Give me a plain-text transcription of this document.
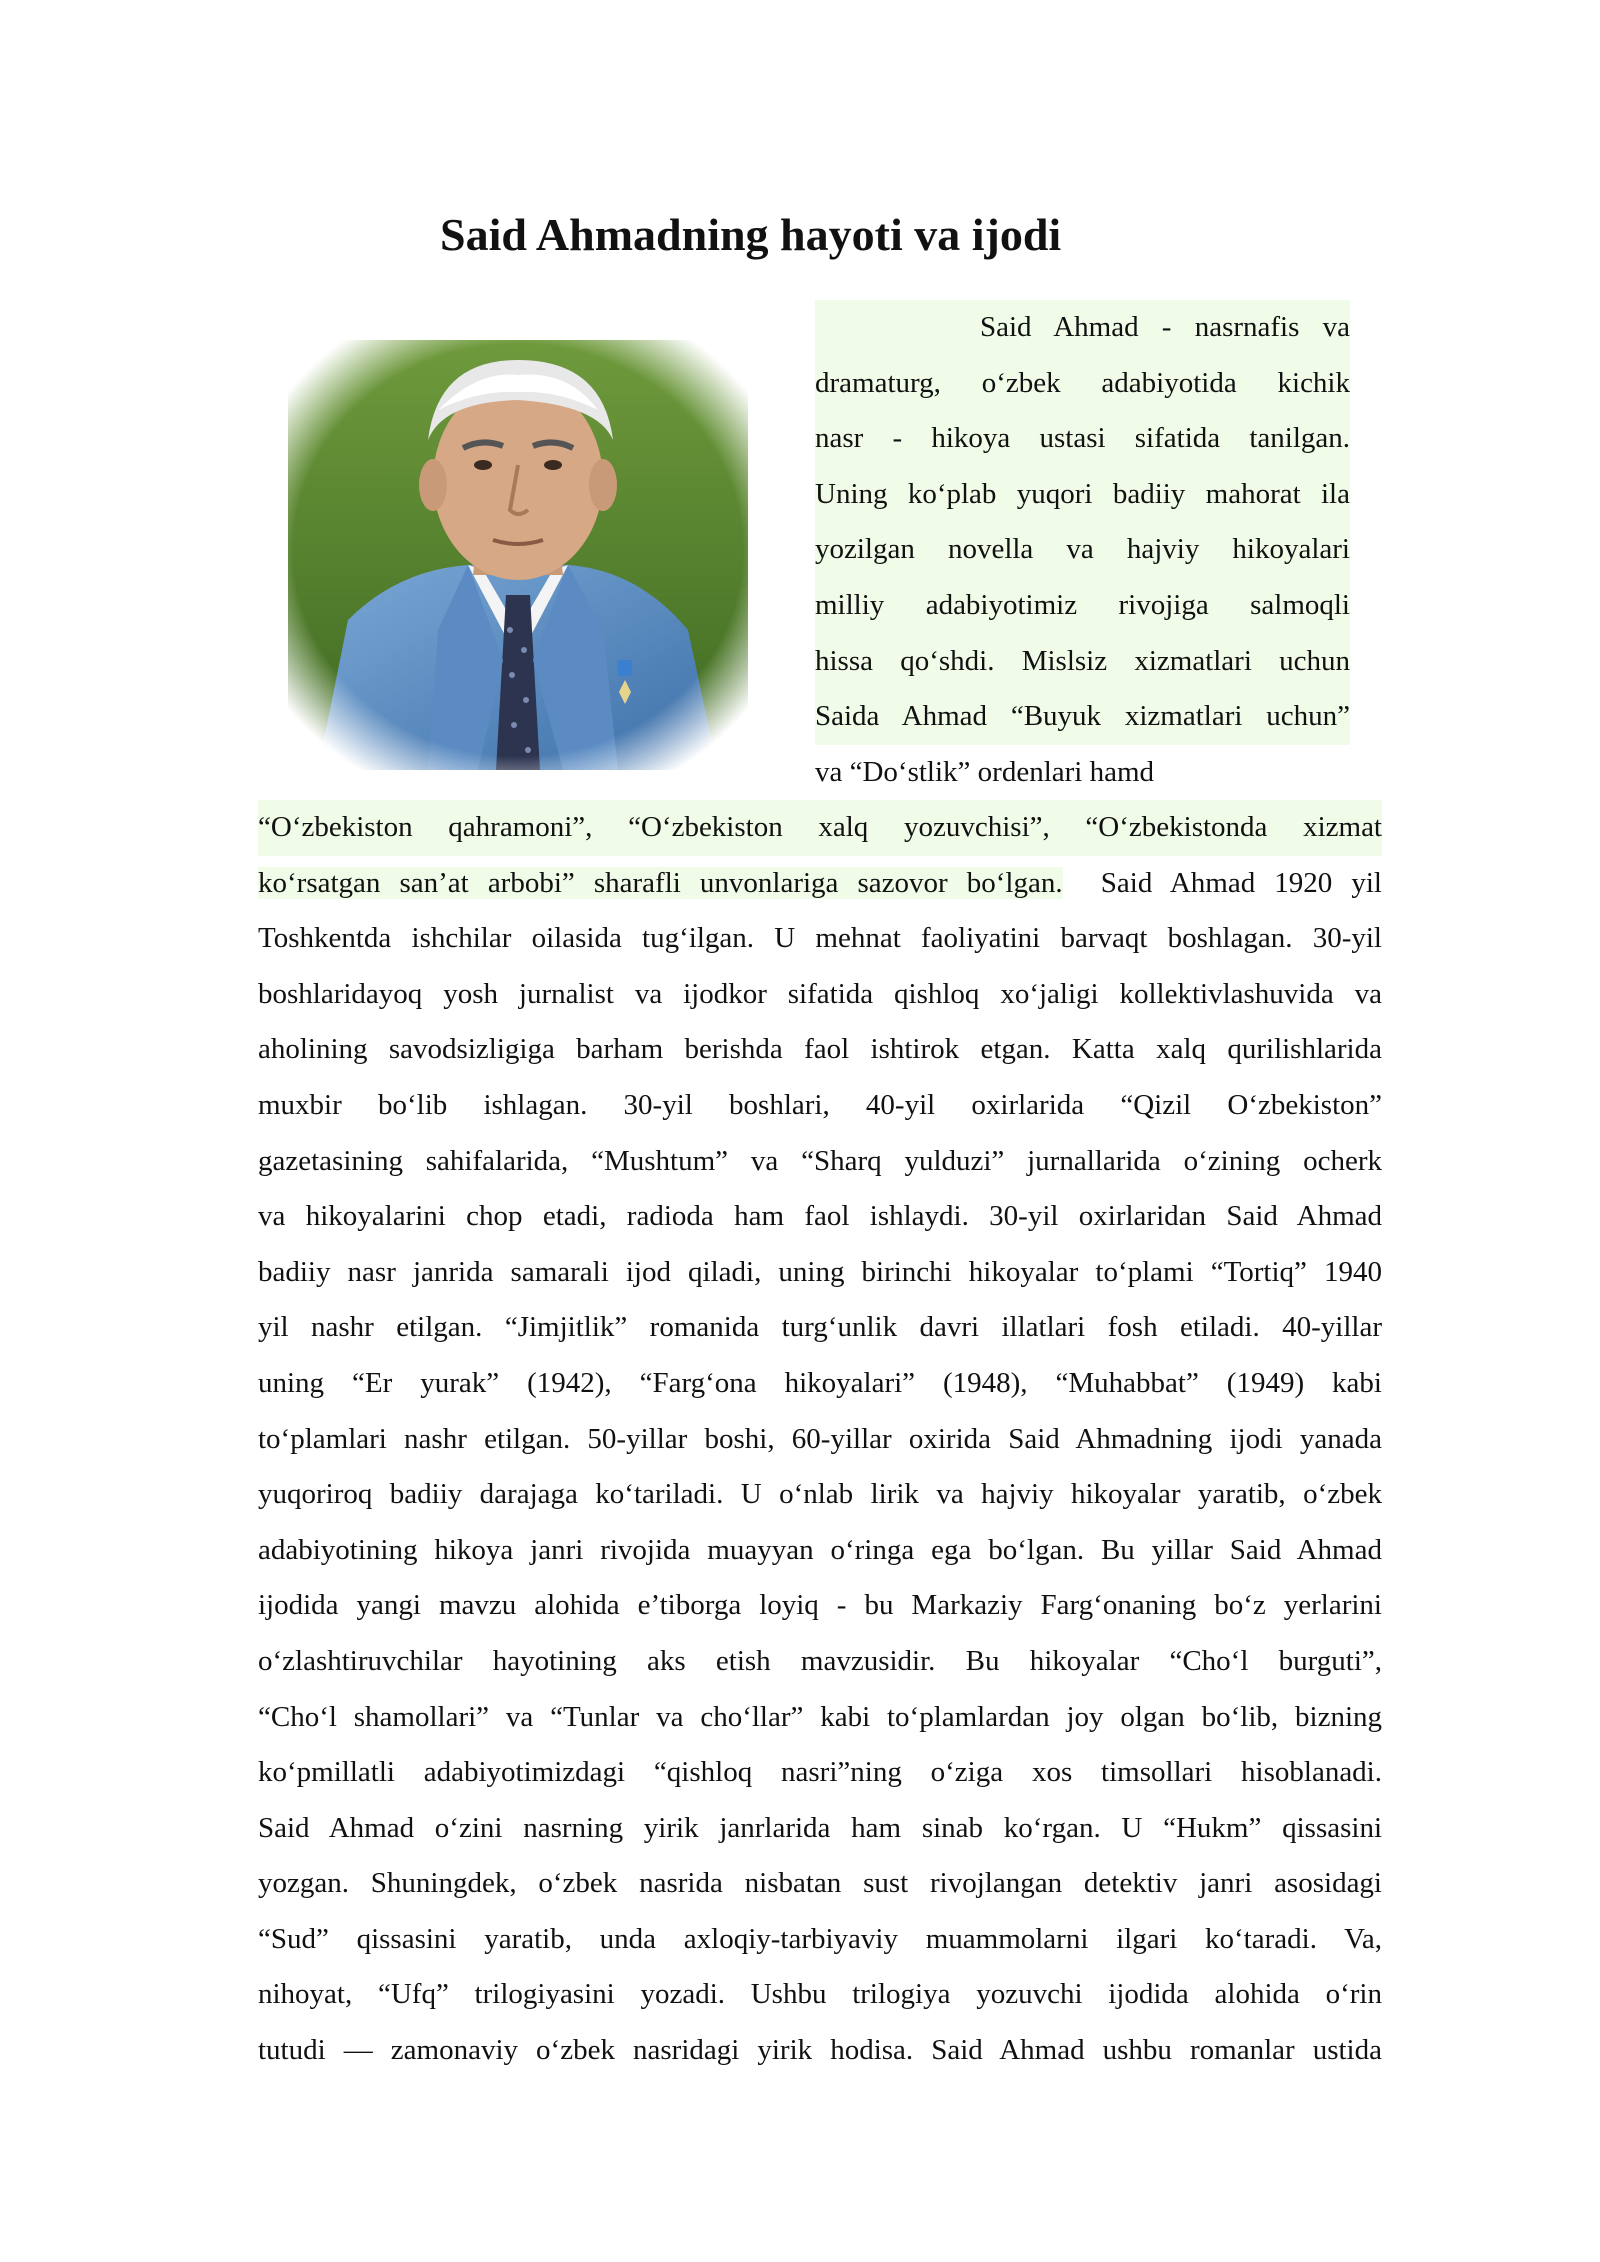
Said Ahmadning hayoti va ijodi
Said Ahmad - nasrnafis va
dramaturg, o‘zbek adabiyotida kichik
nasr - hikoya ustasi sifatida tanilgan.
Uning ko‘plab yuqori badiiy mahorat ila
yozilgan novella va hajviy hikoyalari
milliy adabiyotimiz rivojiga salmoqli
hissa qo‘shdi. Mislsiz xizmatlari uchun
Saida Ahmad “Buyuk xizmatlari uchun”
va “Do‘stlik” ordenlari hamd
“O‘zbekiston qahramoni”, “O‘zbekiston xalq yozuvchisi”, “O‘zbekistonda xizmat
ko‘rsatgan san’at arbobi” sharafli unvonlariga sazovor bo‘lgan.  Said Ahmad 1920 yil
Toshkentda ishchilar oilasida tug‘ilgan. U mehnat faoliyatini barvaqt boshlagan. 30-yil
boshlaridayoq yosh jurnalist va ijodkor sifatida qishloq xo‘jaligi kollektivlashuvida va
aholining savodsizligiga barham berishda faol ishtirok etgan. Katta xalq qurilishlarida
muxbir bo‘lib ishlagan. 30-yil boshlari, 40-yil oxirlarida “Qizil O‘zbekiston”
gazetasining sahifalarida, “Mushtum” va “Sharq yulduzi” jurnallarida o‘zining ocherk
va hikoyalarini chop etadi, radioda ham faol ishlaydi. 30-yil oxirlaridan Said Ahmad
badiiy nasr janrida samarali ijod qiladi, uning birinchi hikoyalar to‘plami “Tortiq” 1940
yil nashr etilgan. “Jimjitlik” romanida turg‘unlik davri illatlari fosh etiladi. 40-yillar
uning “Er yurak” (1942), “Farg‘ona hikoyalari” (1948), “Muhabbat” (1949) kabi
to‘plamlari nashr etilgan. 50-yillar boshi, 60-yillar oxirida Said Ahmadning ijodi yanada
yuqoriroq badiiy darajaga ko‘tariladi. U o‘nlab lirik va hajviy hikoyalar yaratib, o‘zbek
adabiyotining hikoya janri rivojida muayyan o‘ringa ega bo‘lgan. Bu yillar Said Ahmad
ijodida yangi mavzu alohida e’tiborga loyiq - bu Markaziy Farg‘onaning bo‘z yerlarini
o‘zlashtiruvchilar hayotining aks etish mavzusidir. Bu hikoyalar “Cho‘l burguti”,
“Cho‘l shamollari” va “Tunlar va cho‘llar” kabi to‘plamlardan joy olgan bo‘lib, bizning
ko‘pmillatli adabiyotimizdagi “qishloq nasri”ning o‘ziga xos timsollari hisoblanadi.
Said Ahmad o‘zini nasrning yirik janrlarida ham sinab ko‘rgan. U “Hukm” qissasini
yozgan. Shuningdek, o‘zbek nasrida nisbatan sust rivojlangan detektiv janri asosidagi
“Sud” qissasini yaratib, unda axloqiy-tarbiyaviy muammolarni ilgari ko‘taradi. Va,
nihoyat, “Ufq” trilogiyasini yozadi. Ushbu trilogiya yozuvchi ijodida alohida o‘rin
tutudi — zamonaviy o‘zbek nasridagi yirik hodisa. Said Ahmad ushbu romanlar ustida
